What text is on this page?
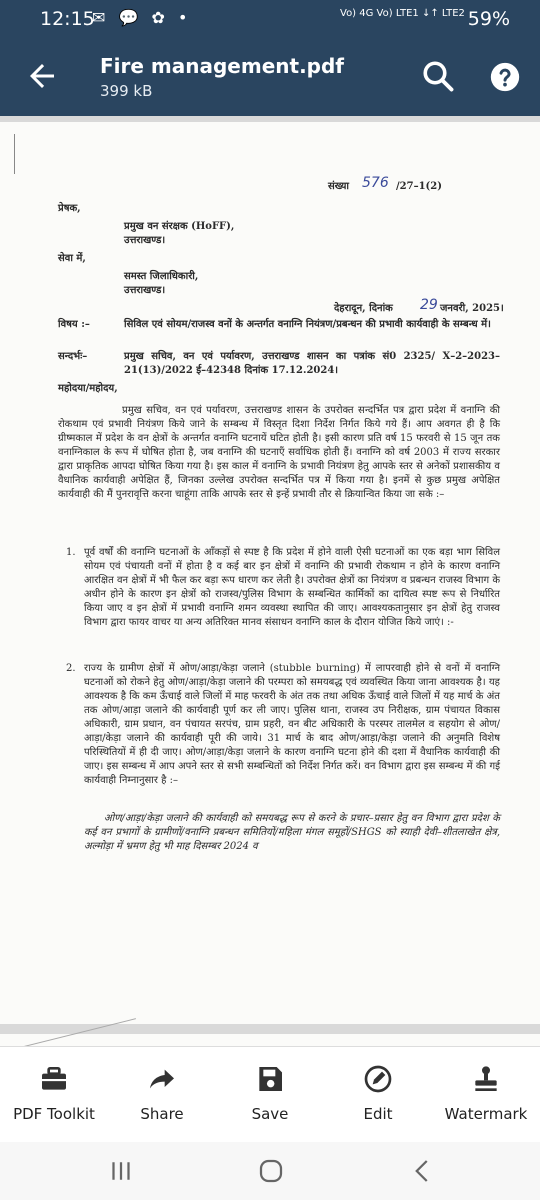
12:15
✉ 💬 ✿ •	Vo) 4G Vo) LTE1 ↓↑ LTE2 59%
Fire management.pdf
399 kB
संख्या 576 /27–1(2)
प्रेषक,
प्रमुख वन संरक्षक (HoFF),
उत्तराखण्ड।
सेवा में,
समस्त जिलाधिकारी,
उत्तराखण्ड।
देहरादून, दिनांक 29 जनवरी, 2025।
विषय :–	सिविल एवं सोयम/राजस्व वनों के अन्तर्गत वनाग्नि नियंत्रण/प्रबन्धन की प्रभावी कार्यवाही के सम्बन्ध में।
सन्दर्भः–	प्रमुख सचिव, वन एवं पर्यावरण, उत्तराखण्ड शासन का पत्रांक सं0 2325/ X–2–2023–21(13)/2022 ई–42348 दिनांक 17.12.2024।
महोदया/महोदय,
प्रमुख सचिव, वन एवं पर्यावरण, उत्तराखण्ड शासन के उपरोक्त सन्दर्भित पत्र द्वारा प्रदेश में वनाग्नि की रोकथाम एवं प्रभावी नियंत्रण किये जाने के सम्बन्ध में विस्तृत दिशा निर्देश निर्गत किये गये हैं। आप अवगत ही है कि ग्रीष्मकाल में प्रदेश के वन क्षेत्रों के अन्तर्गत वनाग्नि घटनायें घटित होती है। इसी कारण प्रति वर्ष 15 फरवरी से 15 जून तक वनाग्निकाल के रूप में घोषित होता है, जब वनाग्नि की घटनाएँ सर्वाधिक होती हैं। वनाग्नि को वर्ष 2003 में राज्य सरकार द्वारा प्राकृतिक आपदा घोषित किया गया है। इस काल में वनाग्नि के प्रभावी नियंत्रण हेतु आपके स्तर से अनेकों प्रशासकीय व वैधानिक कार्यवाही अपेक्षित हैं, जिनका उल्लेख उपरोक्त सन्दर्भित पत्र में किया गया है। इनमें से कुछ प्रमुख अपेक्षित कार्यवाही की मैं पुनरावृत्ति करना चाहूंगा ताकि आपके स्तर से इन्हें प्रभावी तौर से क्रियान्वित किया जा सके :–
1. पूर्व वर्षों की वनाग्नि घटनाओं के आँकड़ों से स्पष्ट है कि प्रदेश में होने वाली ऐसी घटनाओं का एक बड़ा भाग सिविल सोयम एवं पंचायती वनों में होता है व कई बार इन क्षेत्रों में वनाग्नि की प्रभावी रोकथाम न होने के कारण वनाग्नि आरक्षित वन क्षेत्रों में भी फैल कर बड़ा रूप धारण कर लेती है। उपरोक्त क्षेत्रों का नियंत्रण व प्रबन्धन राजस्व विभाग के अधीन होने के कारण इन क्षेत्रों को राजस्व/पुलिस विभाग के सम्बन्धित कार्मिकों का दायित्व स्पष्ट रूप से निर्धारित किया जाए व इन क्षेत्रों में प्रभावी वनाग्नि शमन व्यवस्था स्थापित की जाए। आवश्यकतानुसार इन क्षेत्रों हेतु राजस्व विभाग द्वारा फायर वाचर या अन्य अतिरिक्त मानव संसाधन वनाग्नि काल के दौरान योजित किये जाएं। :-
2. राज्य के ग्रामीण क्षेत्रों में ओण/आड़ा/केड़ा जलाने (stubble burning) में लापरवाही होने से वनों में वनाग्नि घटनाओं को रोकने हेतु ओण/आड़ा/केड़ा जलाने की परम्परा को समयबद्ध एवं व्यवस्थित किया जाना आवश्यक है। यह आवश्यक है कि कम ऊँचाई वाले जिलों में माह फरवरी के अंत तक तथा अधिक ऊँचाई वाले जिलों में यह मार्च के अंत तक ओण/आड़ा जलाने की कार्यवाही पूर्ण कर ली जाए। पुलिस थाना, राजस्व उप निरीक्षक, ग्राम पंचायत विकास अधिकारी, ग्राम प्रधान, वन पंचायत सरपंच, ग्राम प्रहरी, वन बीट अधिकारी के परस्पर तालमेल व सहयोग से ओण/आड़ा/केड़ा जलाने की कार्यवाही पूरी की जाये। 31 मार्च के बाद ओण/आड़ा/केड़ा जलाने की अनुमति विशेष परिस्थितियों में ही दी जाए। ओण/आड़ा/केड़ा जलाने के कारण वनाग्नि घटना होने की दशा में वैधानिक कार्यवाही की जाए। इस सम्बन्ध में आप अपने स्तर से सभी सम्बन्धितों को निर्देश निर्गत करें। वन विभाग द्वारा इस सम्बन्ध में की गई कार्यवाही निम्नानुसार है :–
ओण/आड़ा/केड़ा जलाने की कार्यवाही को समयबद्ध रूप से करने के प्रचार–प्रसार हेतु वन विभाग द्वारा प्रदेश के कई वन प्रभागों के ग्रामीणों/वनाग्नि प्रबन्धन समितियों/महिला मंगल समूहों/SHGS को स्याही देवी–शीतलाखेत क्षेत्र, अल्मोड़ा में भ्रमण हेतु भी माह दिसम्बर 2024 व
PDF Toolkit	Share	Save	Edit	Watermark
